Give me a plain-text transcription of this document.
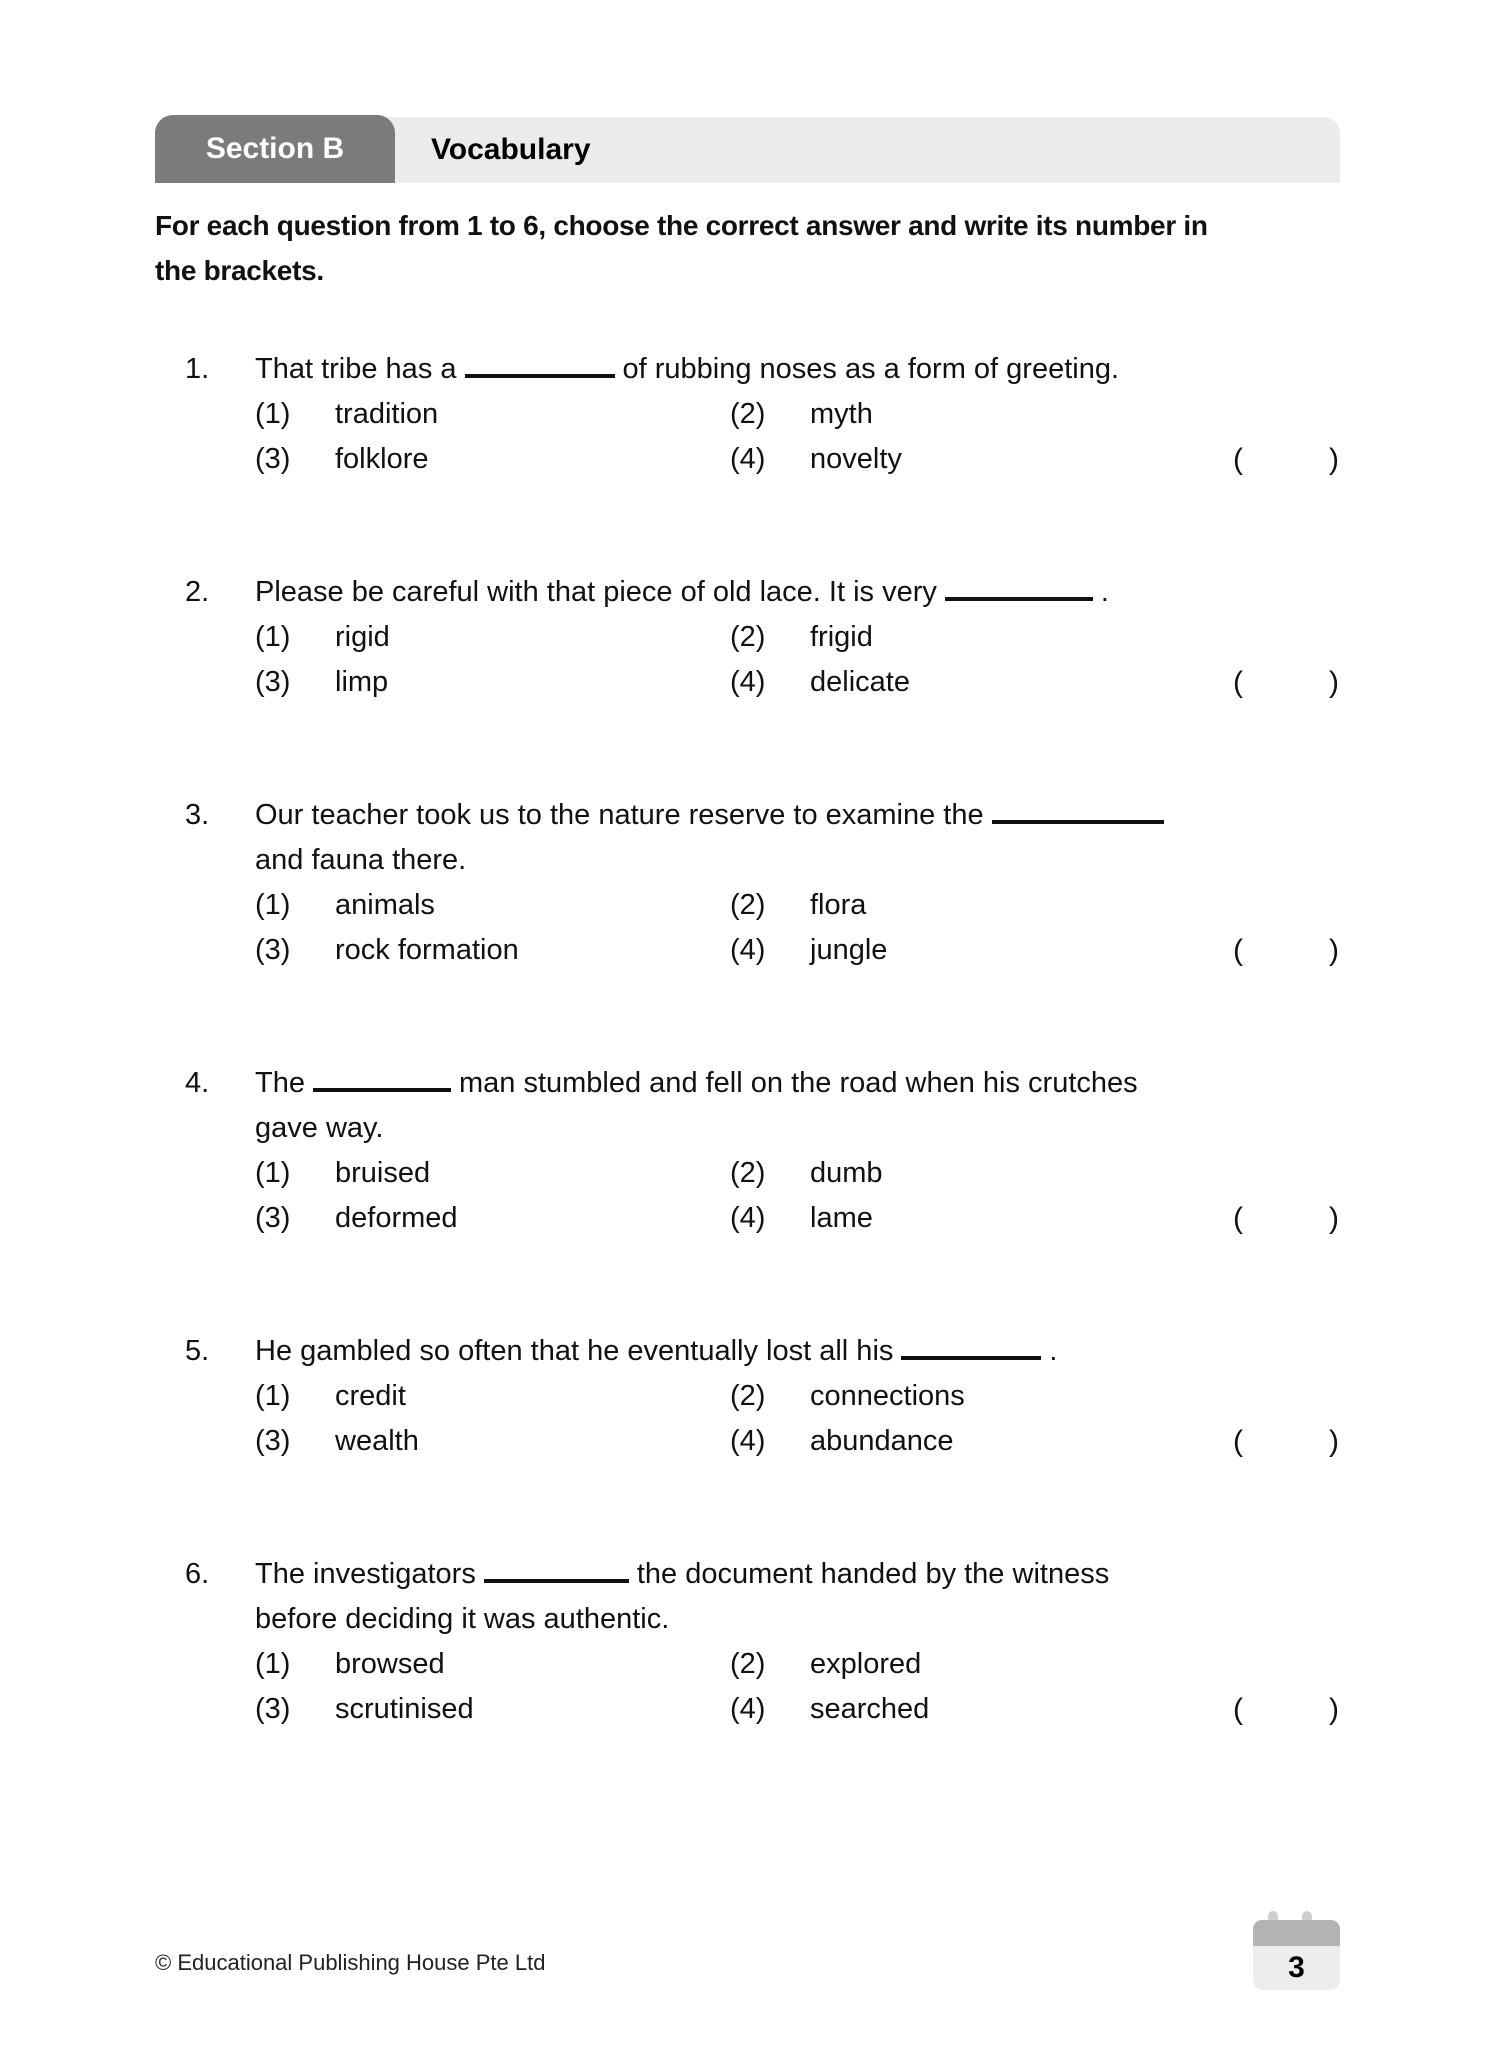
Section B	Vocabulary
For each question from 1 to 6, choose the correct answer and write its number in
the brackets.
1.	That tribe has a	of rubbing noses as a form of greeting.

(1)	tradition	(2)	myth
(3)	folklore	(4)	novelty	(	)
2.	Please be careful with that piece of old lace. It is very	.

(1)	rigid	(2)	frigid
(3)	limp	(4)	delicate	(	)
3.	Our teacher took us to the nature reserve to examine the
and fauna there.

(1)	animals	(2)	flora
(3)	rock formation	(4)	jungle	(	)
4.	The	man stumbled and fell on the road when his crutches
gave way.

(1)	bruised	(2)	dumb
(3)	deformed	(4)	lame	(	)
5.	He gambled so often that he eventually lost all his	.

(1)	credit	(2)	connections
(3)	wealth	(4)	abundance	(	)
6.	The investigators	the document handed by the witness
before deciding it was authentic.

(1)	browsed	(2)	explored
(3)	scrutinised	(4)	searched	(	)
© Educational Publishing House Pte Ltd	3
